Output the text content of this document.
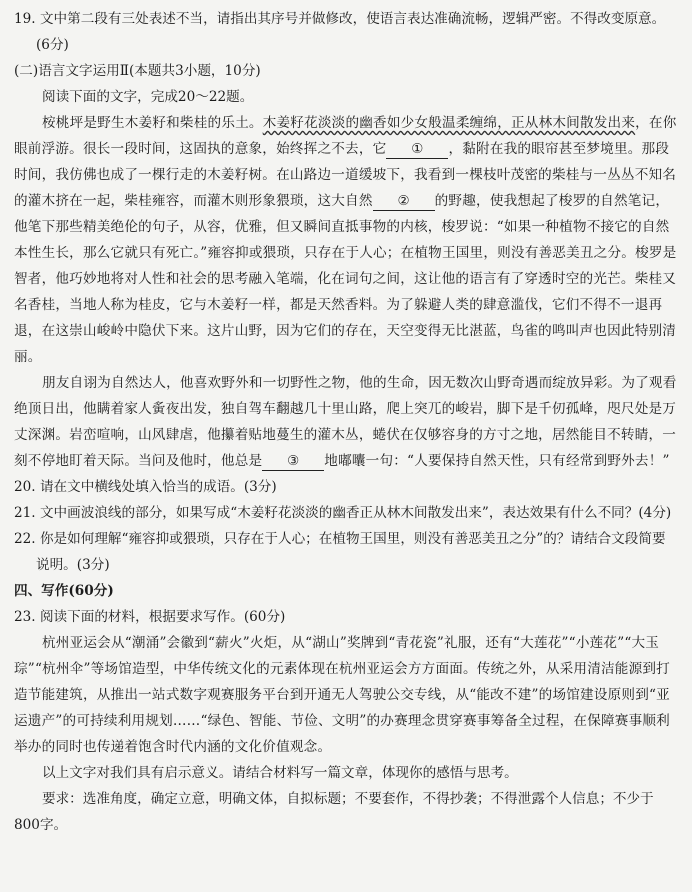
19. 文中第二段有三处表述不当，请指出其序号并做修改，使语言表达准确流畅，逻辑严密。不得改变原意。(6分)

(二)语言文字运用Ⅱ(本题共3小题，10分)

阅读下面的文字，完成20～22题。

桉桃坪是野生木姜籽和柴桂的乐土。木姜籽花淡淡的幽香如少女般温柔缠绵，正从林木间散发出来，在你眼前浮游。很长一段时间，这固执的意象，始终挥之不去，它 ① ，黏附在我的眼帘甚至梦境里。那段时间，我仿佛也成了一棵行走的木姜籽树。在山路边一道缓坡下，我看到一棵枝叶茂密的柴桂与一丛丛不知名的灌木挤在一起，柴桂雍容，而灌木则形象猥琐，这大自然 ② 的野趣，使我想起了梭罗的自然笔记，他笔下那些精美绝伦的句子，从容，优雅，但又瞬间直抵事物的内核，梭罗说：“如果一种植物不接它的自然本性生长，那么它就只有死亡。”雍容抑或猥琐，只存在于人心；在植物王国里，则没有善恶美丑之分。梭罗是智者，他巧妙地将对人性和社会的思考融入笔端，化在词句之间，这让他的语言有了穿透时空的光芒。柴桂又名香桂，当地人称为桂皮，它与木姜籽一样，都是天然香料。为了躲避人类的肆意滥伐，它们不得不一退再退，在这崇山峻岭中隐伏下来。这片山野，因为它们的存在，天空变得无比湛蓝，鸟雀的鸣叫声也因此特别清丽。

朋友自诩为自然达人，他喜欢野外和一切野性之物，他的生命，因无数次山野奇遇而绽放异彩。为了观看绝顶日出，他瞒着家人夤夜出发，独自驾车翻越几十里山路，爬上突兀的峻岩，脚下是千仞孤峰，咫尺处是万丈深渊。岩峦喧响，山风肆虐，他攥着贴地蔓生的灌木丛，蜷伏在仅够容身的方寸之地，居然能目不转睛，一刻不停地盯着天际。当问及他时，他总是 ③ 地嘟囔一句：“人要保持自然天性，只有经常到野外去！”

20. 请在文中横线处填入恰当的成语。(3分)

21. 文中画波浪线的部分，如果写成“木姜籽花淡淡的幽香正从林木间散发出来”，表达效果有什么不同？(4分)

22. 你是如何理解“雍容抑或猥琐，只存在于人心；在植物王国里，则没有善恶美丑之分”的？请结合文段简要说明。(3分)

四、写作(60分)

23. 阅读下面的材料，根据要求写作。(60分)

杭州亚运会从“潮涌”会徽到“薪火”火炬，从“湖山”奖牌到“青花瓷”礼服，还有“大莲花”“小莲花”“大玉琮”“杭州伞”等场馆造型，中华传统文化的元素体现在杭州亚运会方方面面。传统之外，从采用清洁能源到打造节能建筑，从推出一站式数字观赛服务平台到开通无人驾驶公交专线，从“能改不建”的场馆建设原则到“亚运遗产”的可持续利用规划……“绿色、智能、节俭、文明”的办赛理念贯穿赛事筹备全过程，在保障赛事顺利举办的同时也传递着饱含时代内涵的文化价值观念。

以上文字对我们具有启示意义。请结合材料写一篇文章，体现你的感悟与思考。

要求：选准角度，确定立意，明确文体，自拟标题；不要套作，不得抄袭；不得泄露个人信息；不少于800字。
